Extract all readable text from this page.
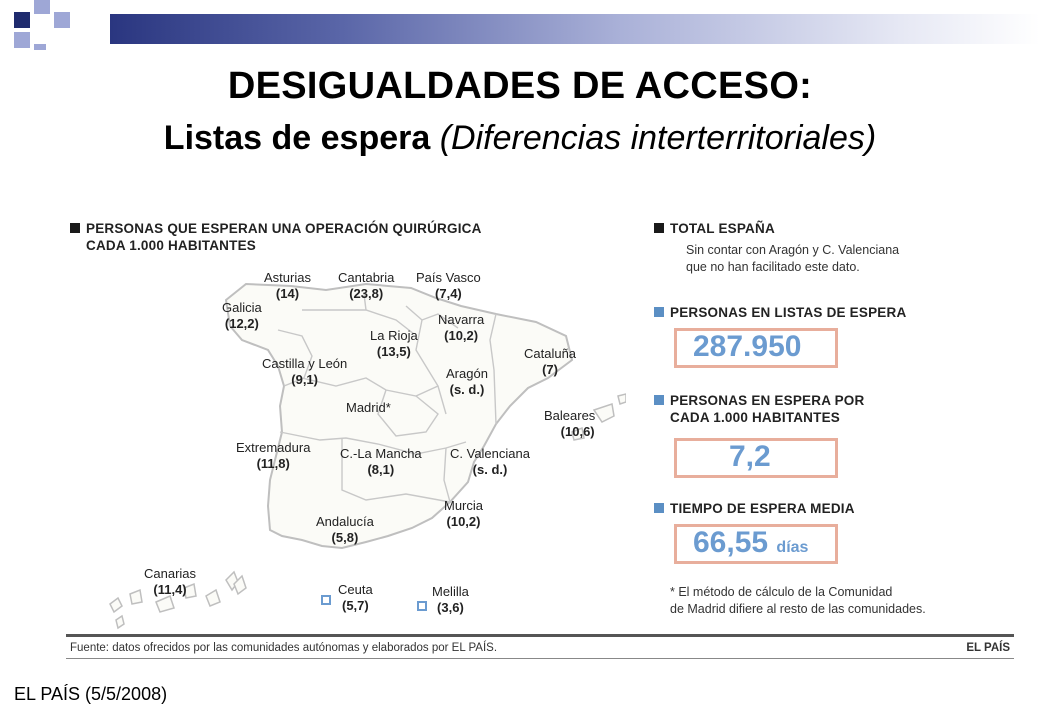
DESIGUALDADES DE ACCESO:
Listas de espera (Diferencias interterritoriales)
PERSONAS QUE ESPERAN UNA OPERACIÓN QUIRÚRGICA
CADA 1.000 HABITANTES
Asturias
(14)
Cantabria
(23,8)
País Vasco
(7,4)
Galicia
(12,2)	Navarra
(10,2)
La Rioja
(13,5)	Cataluña
(7)
Castilla y León
(9,1)	Aragón
(s. d.)
Madrid*
Baleares
(10,6)
Extremadura
(11,8)
C.-La Mancha
(8,1)
C. Valenciana
(s. d.)
Murcia
(10,2)
Andalucía
(5,8)
Canarias
(11,4)	Ceuta
(5,7)
Melilla
(3,6)
TOTAL ESPAÑA
Sin contar con Aragón y C. Valenciana
que no han facilitado este dato.
PERSONAS EN LISTAS DE ESPERA
287.950
PERSONAS EN ESPERA POR
CADA 1.000 HABITANTES
7,2
TIEMPO DE ESPERA MEDIA
66,55 días
* El método de cálculo de la Comunidad
de Madrid difiere al resto de las comunidades.
Fuente: datos ofrecidos por las comunidades autónomas y elaborados por EL PAÍS.	EL PAÍS
EL PAÍS (5/5/2008)
